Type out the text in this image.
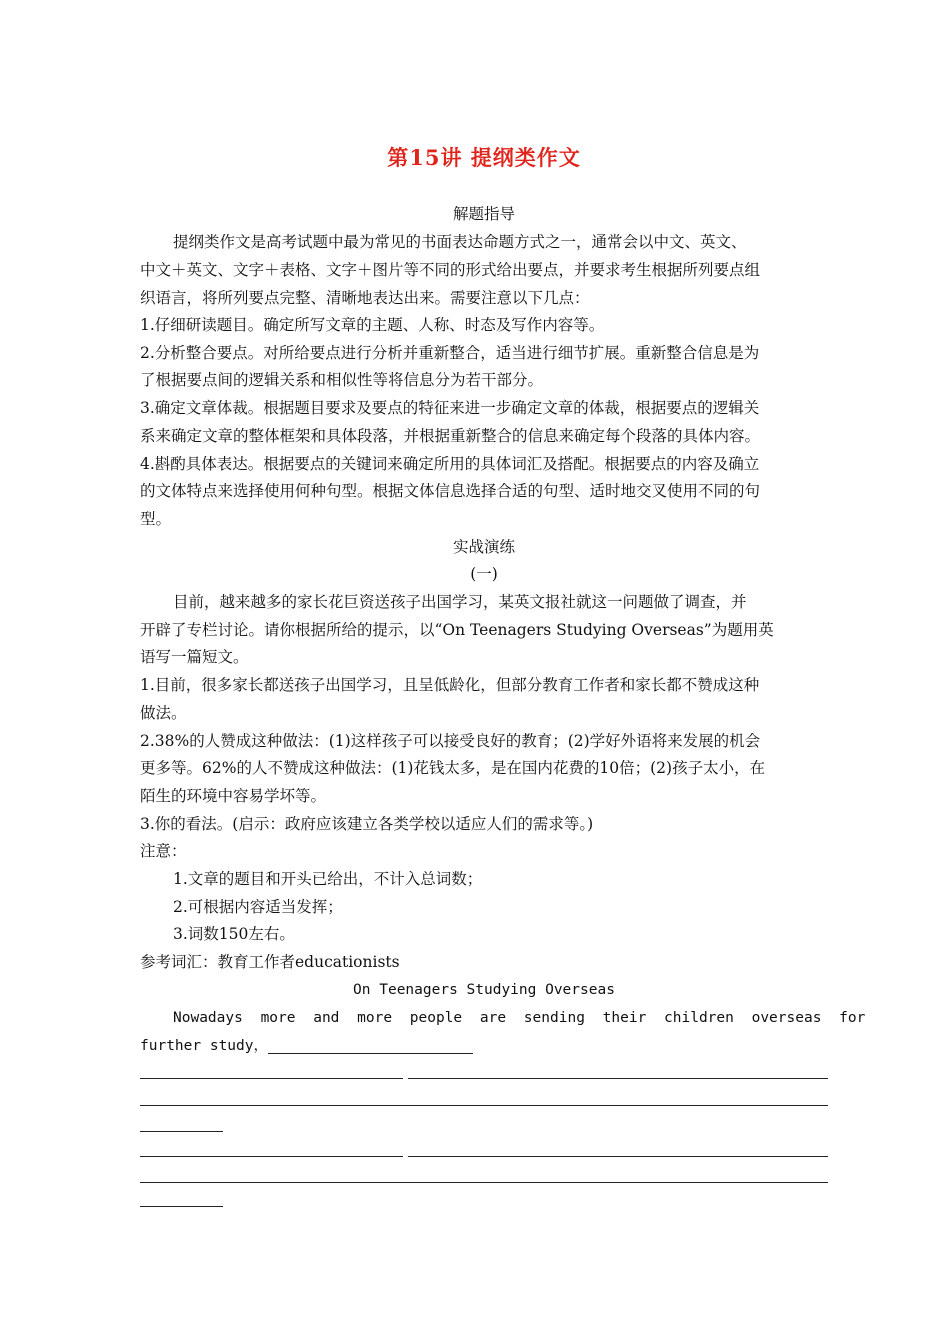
第15讲 提纲类作文
解题指导
提纲类作文是高考试题中最为常见的书面表达命题方式之一，通常会以中文、英文、
中文＋英文、文字＋表格、文字＋图片等不同的形式给出要点，并要求考生根据所列要点组
织语言，将所列要点完整、清晰地表达出来。需要注意以下几点：
1.仔细研读题目。确定所写文章的主题、人称、时态及写作内容等。
2.分析整合要点。对所给要点进行分析并重新整合，适当进行细节扩展。重新整合信息是为
了根据要点间的逻辑关系和相似性等将信息分为若干部分。
3.确定文章体裁。根据题目要求及要点的特征来进一步确定文章的体裁，根据要点的逻辑关
系来确定文章的整体框架和具体段落，并根据重新整合的信息来确定每个段落的具体内容。
4.斟酌具体表达。根据要点的关键词来确定所用的具体词汇及搭配。根据要点的内容及确立
的文体特点来选择使用何种句型。根据文体信息选择合适的句型、适时地交叉使用不同的句
型。
实战演练
(一)
目前，越来越多的家长花巨资送孩子出国学习，某英文报社就这一问题做了调查，并
开辟了专栏讨论。请你根据所给的提示，以“On Teenagers Studying Overseas”为题用英
语写一篇短文。
1.目前，很多家长都送孩子出国学习，且呈低龄化，但部分教育工作者和家长都不赞成这种
做法。
2.38%的人赞成这种做法：(1)这样孩子可以接受良好的教育；(2)学好外语将来发展的机会
更多等。62%的人不赞成这种做法：(1)花钱太多，是在国内花费的10倍；(2)孩子太小，在
陌生的环境中容易学坏等。
3.你的看法。(启示：政府应该建立各类学校以适应人们的需求等。)
注意：
1.文章的题目和开头已给出，不计入总词数；
2.可根据内容适当发挥；
3.词数150左右。
参考词汇：教育工作者educationists
On Teenagers Studying Overseas
Nowadays more and more people are sending their children overseas for
further study，
